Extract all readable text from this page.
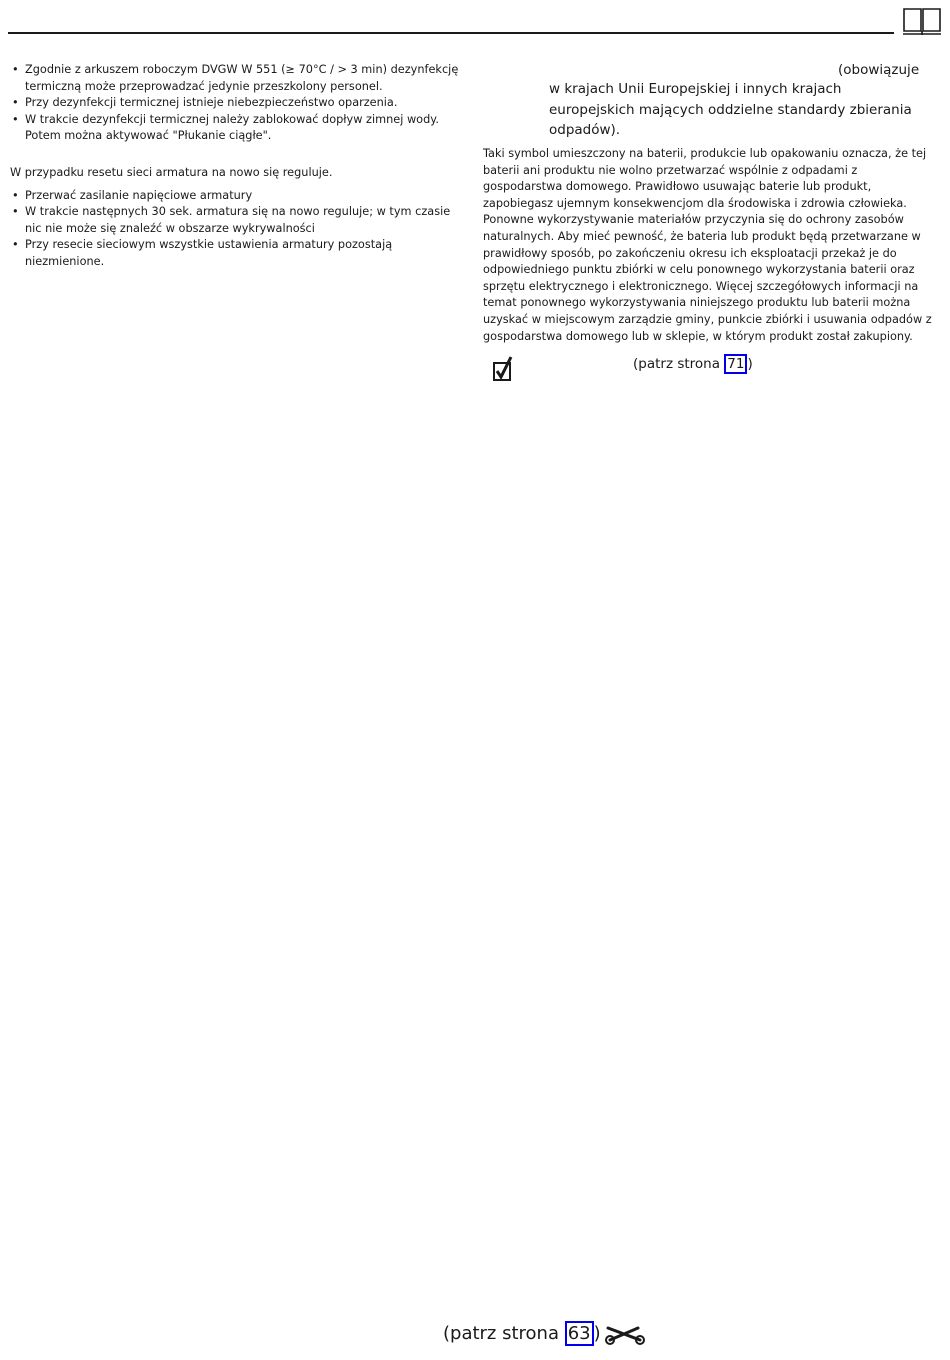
• Zgodnie z arkuszem roboczym DVGW W 551 (≥ 70°C / > 3 min) dezynfekcję termiczną może przeprowadzać jedynie przeszkolony personel.
• Przy dezynfekcji termicznej istnieje niebezpieczeństwo oparzenia.
• W trakcie dezynfekcji termicznej należy zablokować dopływ zimnej wody. Potem można aktywować "Płukanie ciągłe".

W przypadku resetu sieci armatura na nowo się reguluje.

• Przerwać zasilanie napięciowe armatury
• W trakcie następnych 30 sek. armatura się na nowo reguluje; w tym czasie nic nie może się znaleźć w obszarze wykrywalności
• Przy resecie sieciowym wszystkie ustawienia armatury pozostają niezmienione.
(obowiązuje
w krajach Unii Europejskiej i innych krajach europejskich mających oddzielne standardy zbierania odpadów).

Taki symbol umieszczony na baterii, produkcie lub opakowaniu oznacza, że tej baterii ani produktu nie wolno przetwarzać wspólnie z odpadami z gospodarstwa domowego. Prawidłowo usuwając baterie lub produkt, zapobiegasz ujemnym konsekwencjom dla środowiska i zdrowia człowieka. Ponowne wykorzystywanie materiałów przyczynia się do ochrony zasobów naturalnych. Aby mieć pewność, że bateria lub produkt będą przetwarzane w prawidłowy sposób, po zakończeniu okresu ich eksploatacji przekaż je do odpowiedniego punktu zbiórki w celu ponownego wykorzystania baterii oraz sprzętu elektrycznego i elektronicznego. Więcej szczegółowych informacji na temat ponownego wykorzystywania niniejszego produktu lub baterii można uzyskać w miejscowym zarządzie gminy, punkcie zbiórki i usuwania odpadów z gospodarstwa domowego lub w sklepie, w którym produkt został zakupiony.

(patrz strona 71 )
(patrz strona 63 )
